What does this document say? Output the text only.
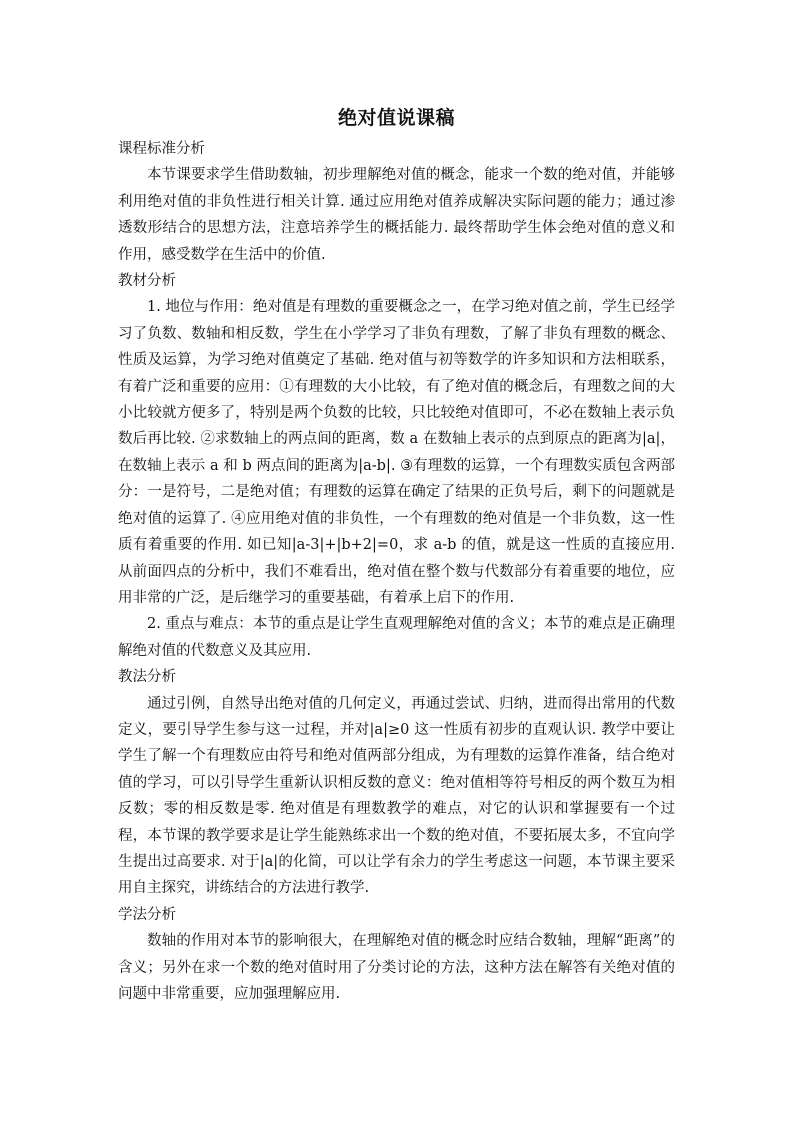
绝对值说课稿

课程标准分析

本节课要求学生借助数轴，初步理解绝对值的概念，能求一个数的绝对值，并能够利用绝对值的非负性进行相关计算. 通过应用绝对值养成解决实际问题的能力；通过渗透数形结合的思想方法，注意培养学生的概括能力. 最终帮助学生体会绝对值的意义和作用，感受数学在生活中的价值.

教材分析

1. 地位与作用：绝对值是有理数的重要概念之一，在学习绝对值之前，学生已经学习了负数、数轴和相反数，学生在小学学习了非负有理数，了解了非负有理数的概念、性质及运算，为学习绝对值奠定了基础. 绝对值与初等数学的许多知识和方法相联系，有着广泛和重要的应用：①有理数的大小比较，有了绝对值的概念后，有理数之间的大小比较就方便多了，特别是两个负数的比较，只比较绝对值即可，不必在数轴上表示负数后再比较. ②求数轴上的两点间的距离，数 a 在数轴上表示的点到原点的距离为|a|，在数轴上表示 a 和 b 两点间的距离为|a-b|. ③有理数的运算，一个有理数实质包含两部分：一是符号，二是绝对值；有理数的运算在确定了结果的正负号后，剩下的问题就是绝对值的运算了. ④应用绝对值的非负性，一个有理数的绝对值是一个非负数，这一性质有着重要的作用. 如已知|a-3|+|b+2|=0，求 a-b 的值，就是这一性质的直接应用. 从前面四点的分析中，我们不难看出，绝对值在整个数与代数部分有着重要的地位，应用非常的广泛，是后继学习的重要基础，有着承上启下的作用.

2. 重点与难点：本节的重点是让学生直观理解绝对值的含义；本节的难点是正确理解绝对值的代数意义及其应用.

教法分析

通过引例，自然导出绝对值的几何定义，再通过尝试、归纳，进而得出常用的代数定义，要引导学生参与这一过程，并对|a|≥0 这一性质有初步的直观认识. 教学中要让学生了解一个有理数应由符号和绝对值两部分组成，为有理数的运算作准备，结合绝对值的学习，可以引导学生重新认识相反数的意义：绝对值相等符号相反的两个数互为相反数；零的相反数是零. 绝对值是有理数教学的难点，对它的认识和掌握要有一个过程，本节课的教学要求是让学生能熟练求出一个数的绝对值，不要拓展太多，不宜向学生提出过高要求. 对于|a|的化简，可以让学有余力的学生考虑这一问题，本节课主要采用自主探究，讲练结合的方法进行教学.

学法分析

数轴的作用对本节的影响很大，在理解绝对值的概念时应结合数轴，理解“距离”的含义；另外在求一个数的绝对值时用了分类讨论的方法，这种方法在解答有关绝对值的问题中非常重要，应加强理解应用.
